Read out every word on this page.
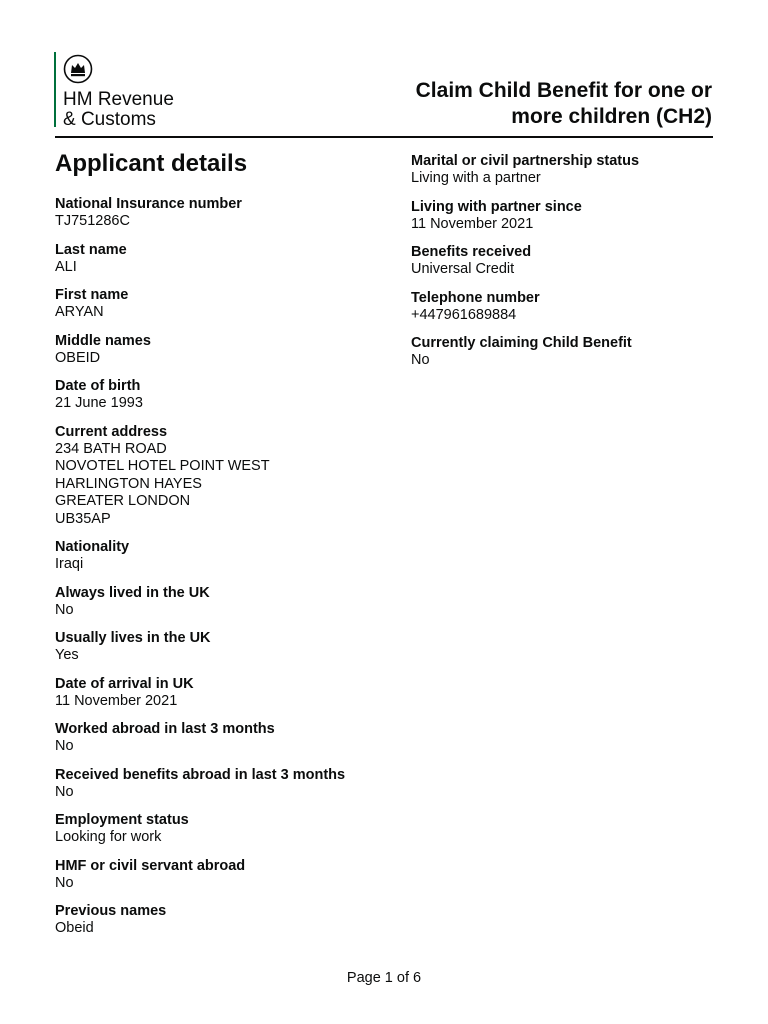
HM Revenue
& Customs
Claim Child Benefit for one or
more children (CH2)
Applicant details
National Insurance number
TJ751286C
Last name
ALI
First name
ARYAN
Middle names
OBEID
Date of birth
21 June 1993
Current address
234 BATH ROAD
NOVOTEL HOTEL POINT WEST
HARLINGTON HAYES
GREATER LONDON
UB35AP
Nationality
Iraqi
Always lived in the UK
No
Usually lives in the UK
Yes
Date of arrival in UK
11 November 2021
Worked abroad in last 3 months
No
Received benefits abroad in last 3 months
No
Employment status
Looking for work
HMF or civil servant abroad
No
Previous names
Obeid
Marital or civil partnership status
Living with a partner
Living with partner since
11 November 2021
Benefits received
Universal Credit
Telephone number
+447961689884
Currently claiming Child Benefit
No
Page 1 of 6
